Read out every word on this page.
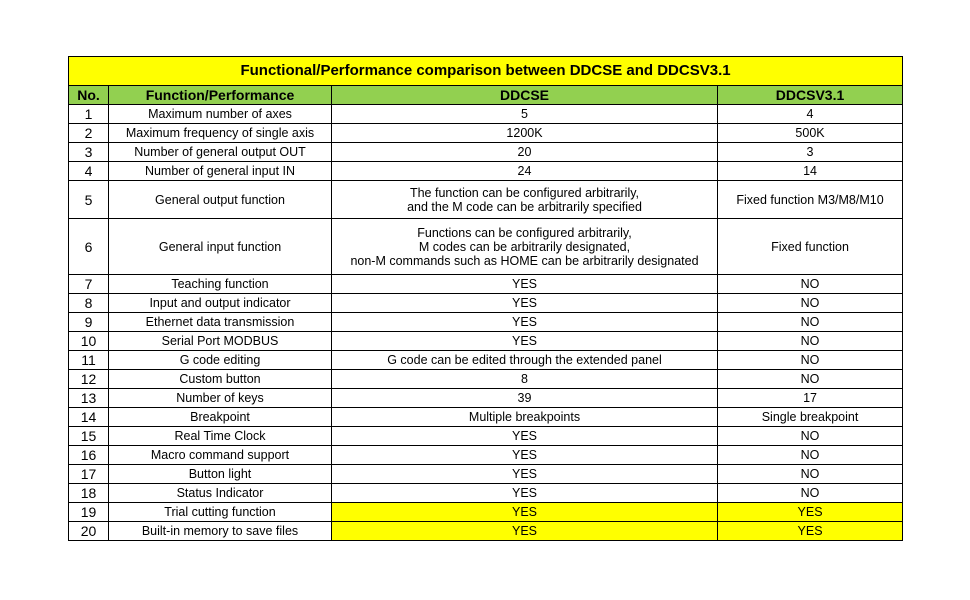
Functional/Performance comparison between DDCSE and DDCSV3.1			
No.	Function/Performance	DDCSE	DDCSV3.1
1	Maximum number of axes	5	4
2	Maximum frequency of single axis	1200K	500K
3	Number of general output OUT	20	3
4	Number of general input IN	24	14
5	General output function	The function can be configured arbitrarily,
and the M code can be arbitrarily specified	Fixed function M3/M8/M10
6	General input function	Functions can be configured arbitrarily,
M codes can be arbitrarily designated,
non-M commands such as HOME can be arbitrarily designated	Fixed function
7	Teaching function	YES	NO
8	Input and output indicator	YES	NO
9	Ethernet data transmission	YES	NO
10	Serial Port MODBUS	YES	NO
11	G code editing	G code can be edited through the extended panel	NO
12	Custom button	8	NO
13	Number of keys	39	17
14	Breakpoint	Multiple breakpoints	Single breakpoint
15	Real Time Clock	YES	NO
16	Macro command support	YES	NO
17	Button light	YES	NO
18	Status Indicator	YES	NO
19	Trial cutting function	YES	YES
20	Built-in memory to save files	YES	YES
